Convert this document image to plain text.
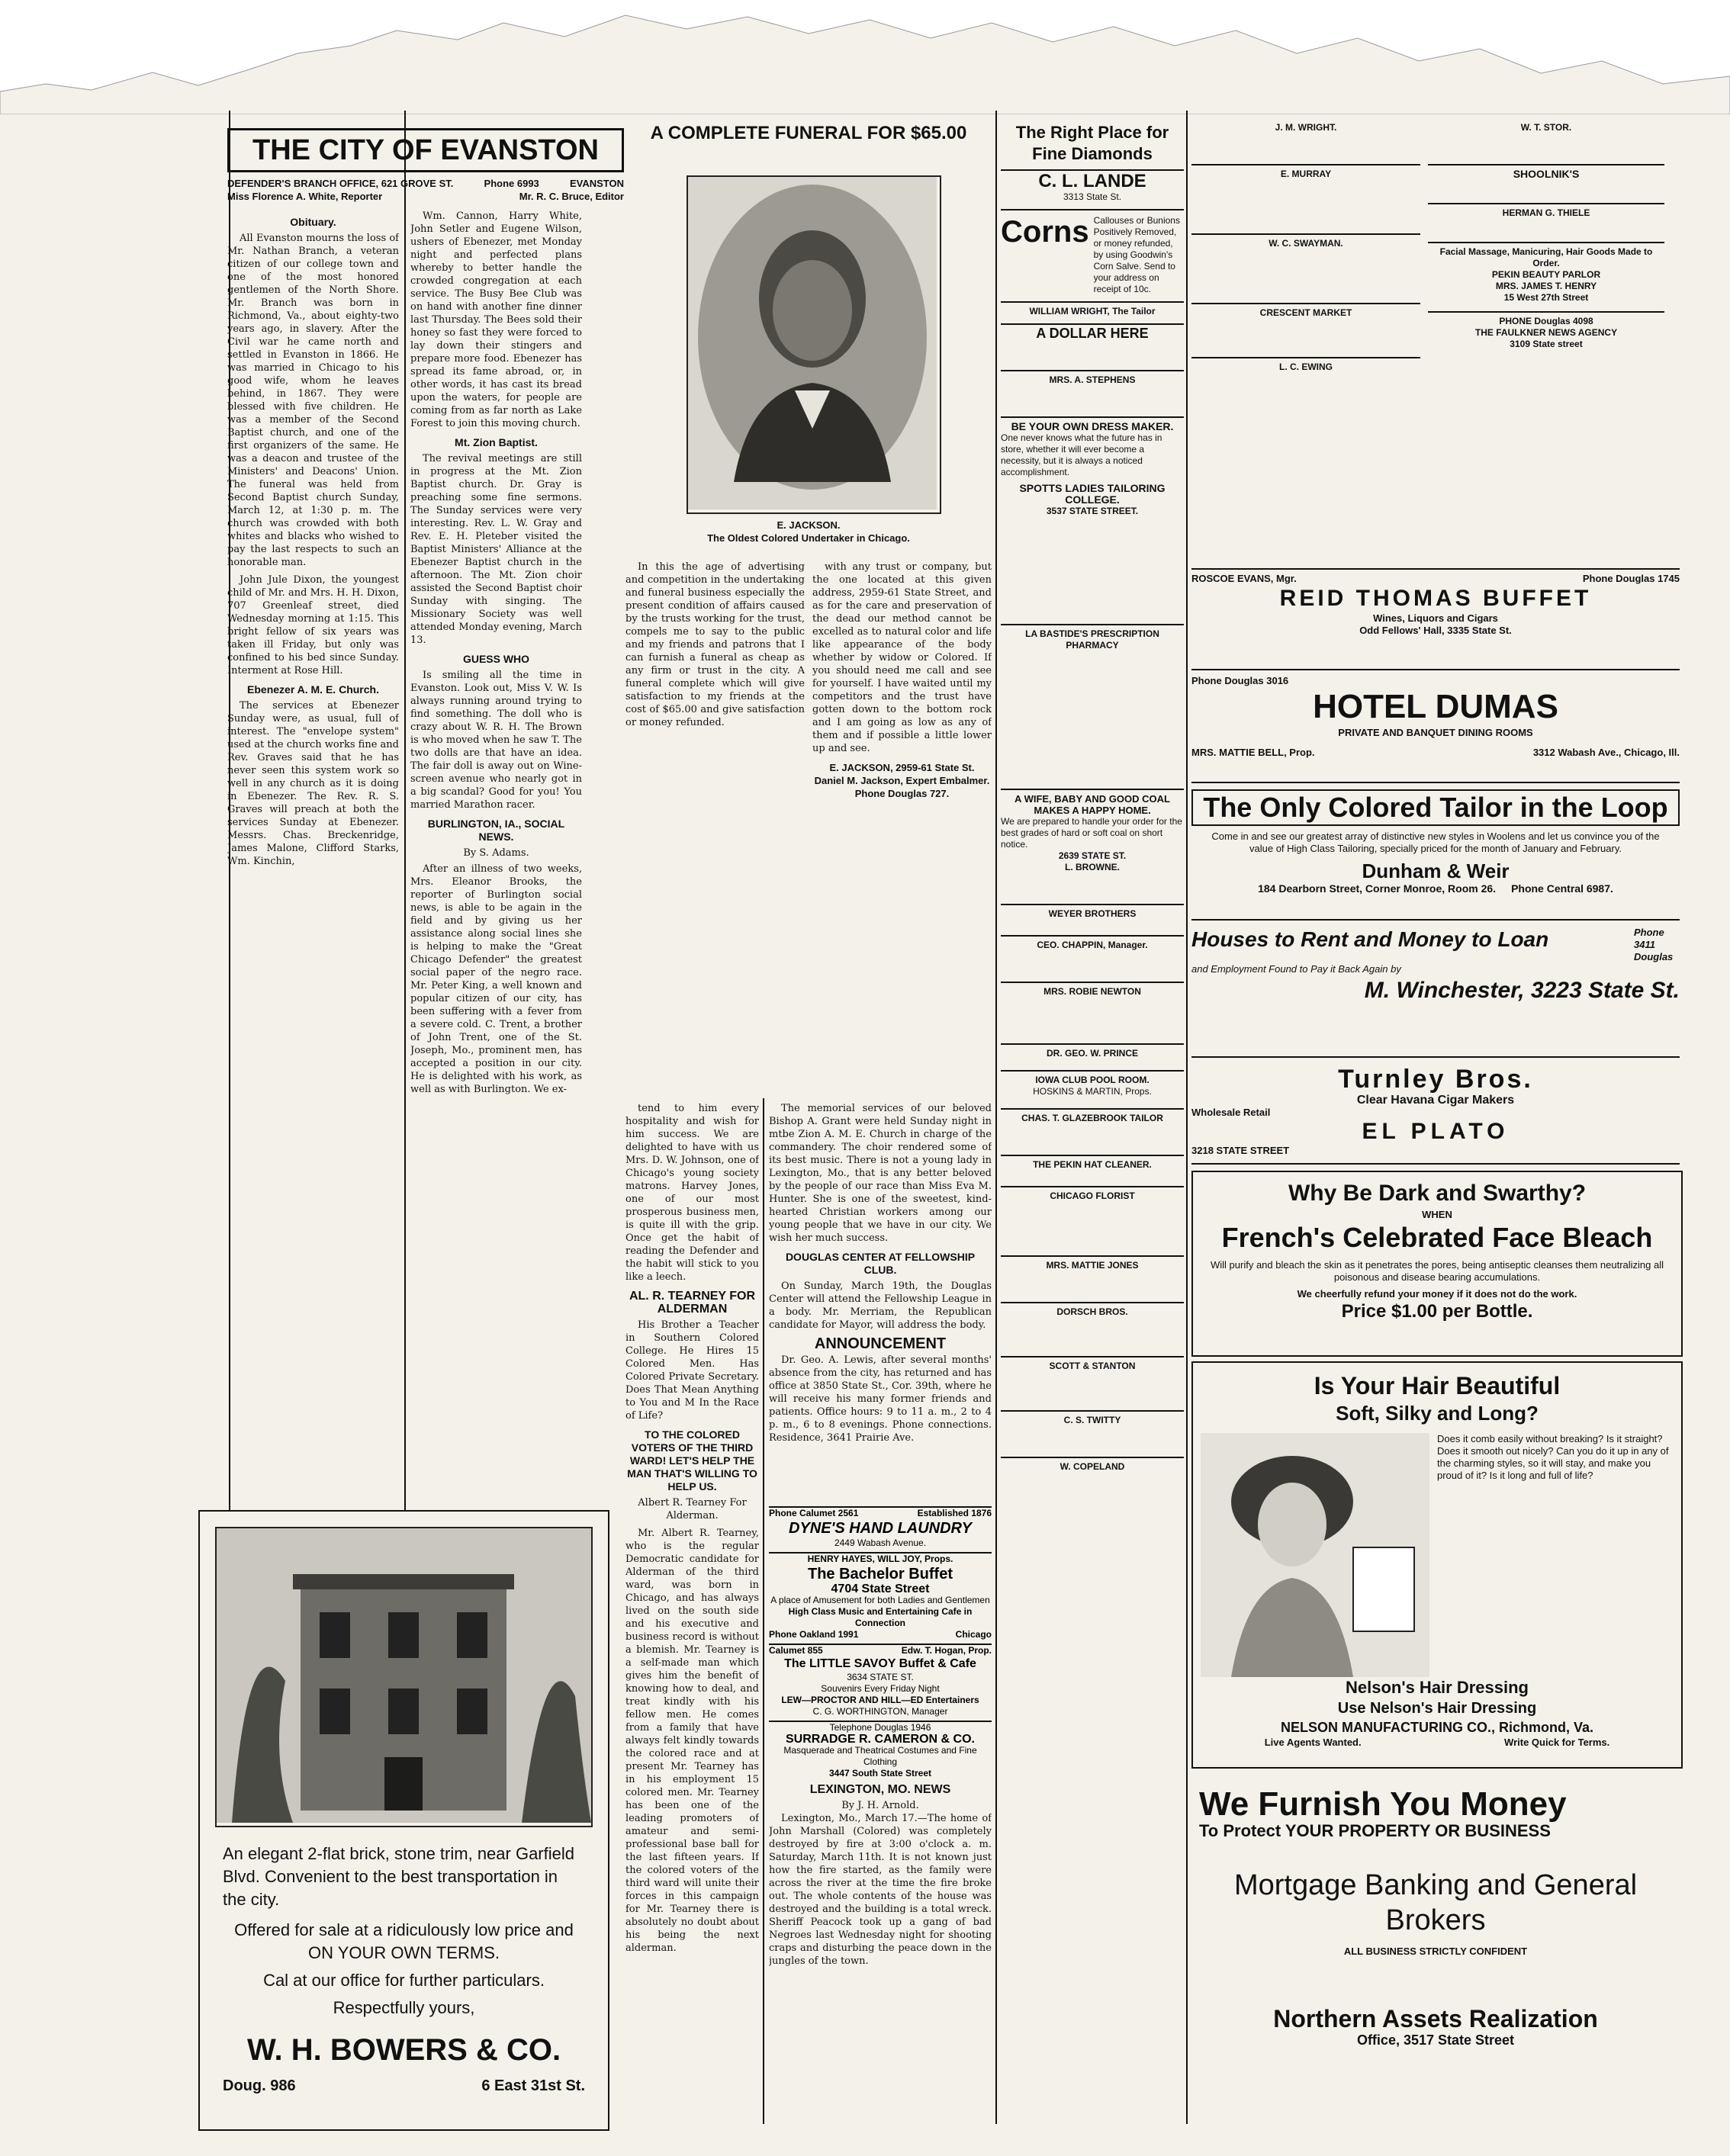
THE CITY OF EVANSTON
DEFENDER'S BRANCH OFFICE, 621 GROVE ST.	Phone 6993	EVANSTON
Miss Florence A. White, Reporter	Mr. R. C. Bruce, Editor
Obituary.

All Evanston mourns the loss of Mr. Nathan Branch, a veteran citizen of our college town and one of the most honored gentlemen of the North Shore. Mr. Branch was born in Richmond, Va., about eighty-two years ago, in slavery. After the Civil war he came north and settled in Evanston in 1866. He was married in Chicago to his good wife, whom he leaves behind, in 1867. They were blessed with five children. He was a member of the Second Baptist church, and one of the first organizers of the same. He was a deacon and trustee of the Ministers' and Deacons' Union. The funeral was held from Second Baptist church Sunday, March 12, at 1:30 p. m. The church was crowded with both whites and blacks who wished to pay the last respects to such an honorable man.

John Jule Dixon, the youngest child of Mr. and Mrs. H. H. Dixon, 707 Greenleaf street, died Wednesday morning at 1:15. This bright fellow of six years was taken ill Friday, but only was confined to his bed since Sunday. Interment at Rose Hill.

Ebenezer A. M. E. Church.

The services at Ebenezer Sunday were, as usual, full of interest. The "envelope system" used at the church works fine and Rev. Graves said that he has never seen this system work so well in any church as it is doing in Ebenezer. The Rev. R. S. Graves will preach at both the services Sunday at Ebenezer. Messrs. Chas. Breckenridge, James Malone, Clifford Starks, Wm. Kinchin,

Wm. Cannon, Harry White, John Setler and Eugene Wilson, ushers of Ebenezer, met Monday night and perfected plans whereby to better handle the crowded congregation at each service. The Busy Bee Club was on hand with another fine dinner last Thursday. The Bees sold their honey so fast they were forced to lay down their stingers and prepare more food. Ebenezer has spread its fame abroad, or, in other words, it has cast its bread upon the waters, for people are coming from as far north as Lake Forest to join this moving church.

Mt. Zion Baptist.

The revival meetings are still in progress at the Mt. Zion Baptist church. Dr. Gray is preaching some fine sermons. The Sunday services were very interesting. Rev. L. W. Gray and Rev. E. H. Pleteber visited the Baptist Ministers' Alliance at the Ebenezer Baptist church in the afternoon. The Mt. Zion choir assisted the Second Baptist choir Sunday with singing. The Missionary Society was well attended Monday evening, March 13.

GUESS WHO

Is smiling all the time in Evanston. Look out, Miss V. W. Is always running around trying to find something. The doll who is crazy about W. R. H. The Brown is who moved when he saw T. The two dolls are that have an idea. The fair doll is away out on Wine-screen avenue who nearly got in a big scandal? Good for you! You married Marathon racer.

BURLINGTON, IA., SOCIAL NEWS.
By S. Adams.

After an illness of two weeks, Mrs. Eleanor Brooks, the reporter of Burlington social news, is able to be again in the field and by giving us her assistance along social lines she is helping to make the "Great Chicago Defender" the greatest social paper of the negro race. Mr. Peter King, a well known and popular citizen of our city, has been suffering with a fever from a severe cold. C. Trent, a brother of John Trent, one of the St. Joseph, Mo., prominent men, has accepted a position in our city. He is delighted with his work, as well as with Burlington. We ex-

A COMPLETE FUNERAL FOR $65.00
E. JACKSON.
The Oldest Colored Undertaker in Chicago.

In this the age of advertising and competition in the undertaking and funeral business especially the present condition of affairs caused by the trusts working for the trust, compels me to say to the public and my friends and patrons that I can furnish a funeral as cheap as any firm or trust in the city. A funeral complete which will give satisfaction to my friends at the cost of $65.00 and give satisfaction or money refunded.

with any trust or company, but the one located at this given address, 2959-61 State Street, and as for the care and preservation of the dead our method cannot be excelled as to natural color and life like appearance of the body whether by widow or Colored. If you should need me call and see for yourself. I have waited until my competitors and the trust have gotten down to the bottom rock and I am going as low as any of them and if possible a little lower up and see.

E. JACKSON, 2959-61 State St.
Daniel M. Jackson, Expert Embalmer.
Phone Douglas 727.

tend to him every hospitality and wish for him success. We are delighted to have with us Mrs. D. W. Johnson, one of Chicago's young society matrons. Harvey Jones, one of our most prosperous business men, is quite ill with the grip. Once get the habit of reading the Defender and the habit will stick to you like a leech.

AL. R. TEARNEY FOR ALDERMAN

His Brother a Teacher in Southern Colored College. He Hires 15 Colored Men. Has Colored Private Secretary. Does That Mean Anything to You and M In the Race of Life?

TO THE COLORED VOTERS OF THE THIRD WARD! LET'S HELP THE MAN THAT'S WILLING TO HELP US.
Albert R. Tearney For Alderman.

Mr. Albert R. Tearney, who is the regular Democratic candidate for Alderman of the third ward, was born in Chicago, and has always lived on the south side and his executive and business record is without a blemish. Mr. Tearney is a self-made man which gives him the benefit of knowing how to deal, and treat kindly with his fellow men. He comes from a family that have always felt kindly towards the colored race and at present Mr. Tearney has in his employment 15 colored men. Mr. Tearney has been one of the leading promoters of amateur and semi-professional base ball for the last fifteen years. If the colored voters of the third ward will unite their forces in this campaign for Mr. Tearney there is absolutely no doubt about his being the next alderman.

The memorial services of our beloved Bishop A. Grant were held Sunday night in mtbe Zion A. M. E. Church in charge of the commandery. The choir rendered some of its best music. There is not a young lady in Lexington, Mo., that is any better beloved by the people of our race than Miss Eva M. Hunter. She is one of the sweetest, kind-hearted Christian workers among our young people that we have in our city. We wish her much success.

DOUGLAS CENTER AT FELLOWSHIP CLUB.

On Sunday, March 19th, the Douglas Center will attend the Fellowship League in a body. Mr. Merriam, the Republican candidate for Mayor, will address the body.

ANNOUNCEMENT

Dr. Geo. A. Lewis, after several months' absence from the city, has returned and has office at 3850 State St., Cor. 39th, where he will receive his many former friends and patients. Office hours: 9 to 11 a. m., 2 to 4 p. m., 6 to 8 evenings. Phone connections. Residence, 3641 Prairie Ave.

LEXINGTON, MO. NEWS
By J. H. Arnold.

Lexington, Mo., March 17.—The home of John Marshall (Colored) was completely destroyed by fire at 3:00 o'clock a. m. Saturday, March 11th. It is not known just how the fire started, as the family were across the river at the time the fire broke out. The whole contents of the house was destroyed and the building is a total wreck. Sheriff Peacock took up a gang of bad Negroes last Wednesday night for shooting craps and disturbing the peace down in the jungles of the town.

An elegant 2-flat brick, stone trim, near Garfield Blvd. Convenient to the best transportation in the city.
Offered for sale at a ridiculously low price and ON YOUR OWN TERMS.
Cal at our office for further particulars.
Respectfully yours,
W. H. BOWERS & CO.
Doug. 986	6 East 31st St.
The Right Place for Fine Diamonds
C. L. LANDE
3313 State St.
Corns Callouses or Bunions Positively Removed, or money refunded, by using Goodwin's Corn Salve. Send to your address on receipt of 10c.
WILLIAM WRIGHT, The Tailor
A DOLLAR HERE
MRS. A. STEPHENS
BE YOUR OWN DRESS MAKER.
One never knows what the future has in store, whether it will ever become a necessity, but it is always a noticed accomplishment.
SPOTTS LADIES TAILORING COLLEGE.
3537 STATE STREET.
LA BASTIDE'S PRESCRIPTION PHARMACY
A WIFE, BABY AND GOOD COAL MAKES A HAPPY HOME.
We are prepared to handle your order for the best grades of hard or soft coal on short notice.
2639 STATE ST.
L. BROWNE.
WEYER BROTHERS
CEO. CHAPPIN, Manager.
MRS. ROBIE NEWTON
DR. GEO. W. PRINCE
IOWA CLUB POOL ROOM.
HOSKINS & MARTIN, Props.
CHAS. T. GLAZEBROOK TAILOR
THE PEKIN HAT CLEANER.
CHICAGO FLORIST
MRS. MATTIE JONES
DORSCH BROS.
SCOTT & STANTON
C. S. TWITTY
W. COPELAND
J. M. WRIGHT.
E. MURRAY
W. C. SWAYMAN.
CRESCENT MARKET
L. C. EWING
W. T. STOR.
SHOOLNIK'S
HERMAN G. THIELE
Facial Massage, Manicuring, Hair Goods Made to Order.
PEKIN BEAUTY PARLOR
MRS. JAMES T. HENRY
15 West 27th Street
PHONE Douglas 4098
THE FAULKNER NEWS AGENCY
3109 State street
ROSCOE EVANS, Mgr.	Phone Douglas 1745
REID THOMAS BUFFET
Wines, Liquors and Cigars
Odd Fellows' Hall, 3335 State St.
Phone Douglas 3016
HOTEL DUMAS
PRIVATE AND BANQUET DINING ROOMS
MRS. MATTIE BELL, Prop.	3312 Wabash Ave., Chicago, Ill.
The Only Colored Tailor in the Loop
Come in and see our greatest array of distinctive new styles in Woolens and let us convince you of the value of High Class Tailoring, specially priced for the month of January and February.
Dunham & Weir
184 Dearborn Street, Corner Monroe, Room 26. Phone Central 6987.
Houses to Rent and Money to Loan	Phone 3411 Douglas
and Employment Found to Pay it Back Again by
M. Winchester, 3223 State St.
Turnley Bros.
Clear Havana Cigar Makers
Wholesale Retail
EL PLATO
3218 STATE STREET
Why Be Dark and Swarthy?
WHEN
French's Celebrated Face Bleach
Will purify and bleach the skin as it penetrates the pores, being antiseptic cleanses them neutralizing all poisonous and disease bearing accumulations.
We cheerfully refund your money if it does not do the work.
Price $1.00 per Bottle.
Is Your Hair Beautiful
Soft, Silky and Long?
Does it comb easily without breaking? Is it straight? Does it smooth out nicely? Can you do it up in any of the charming styles, so it will stay, and make you proud of it? Is it long and full of life?
Nelson's Hair Dressing
Use Nelson's Hair Dressing
NELSON MANUFACTURING CO., Richmond, Va.
Live Agents Wanted.	Write Quick for Terms.
We Furnish You Money
To Protect YOUR PROPERTY OR BUSINESS
Mortgage Banking and General Brokers
ALL BUSINESS STRICTLY CONFIDENT
Northern Assets Realization
Office, 3517 State Street
Phone Calumet 2561	Established 1876
DYNE'S HAND LAUNDRY
2449 Wabash Avenue.
HENRY HAYES, WILL JOY, Props.
The Bachelor Buffet
4704 State Street
A place of Amusement for both Ladies and Gentlemen
High Class Music and Entertaining Cafe in Connection
Phone Oakland 1991	Chicago
Calumet 855	Edw. T. Hogan, Prop.
The LITTLE SAVOY Buffet & Cafe
3634 STATE ST.
Souvenirs Every Friday Night
LEW—PROCTOR AND HILL—ED Entertainers
C. G. WORTHINGTON, Manager
Telephone Douglas 1946
SURRADGE R. CAMERON & CO.
Masquerade and Theatrical Costumes and Fine Clothing
3447 South State Street
